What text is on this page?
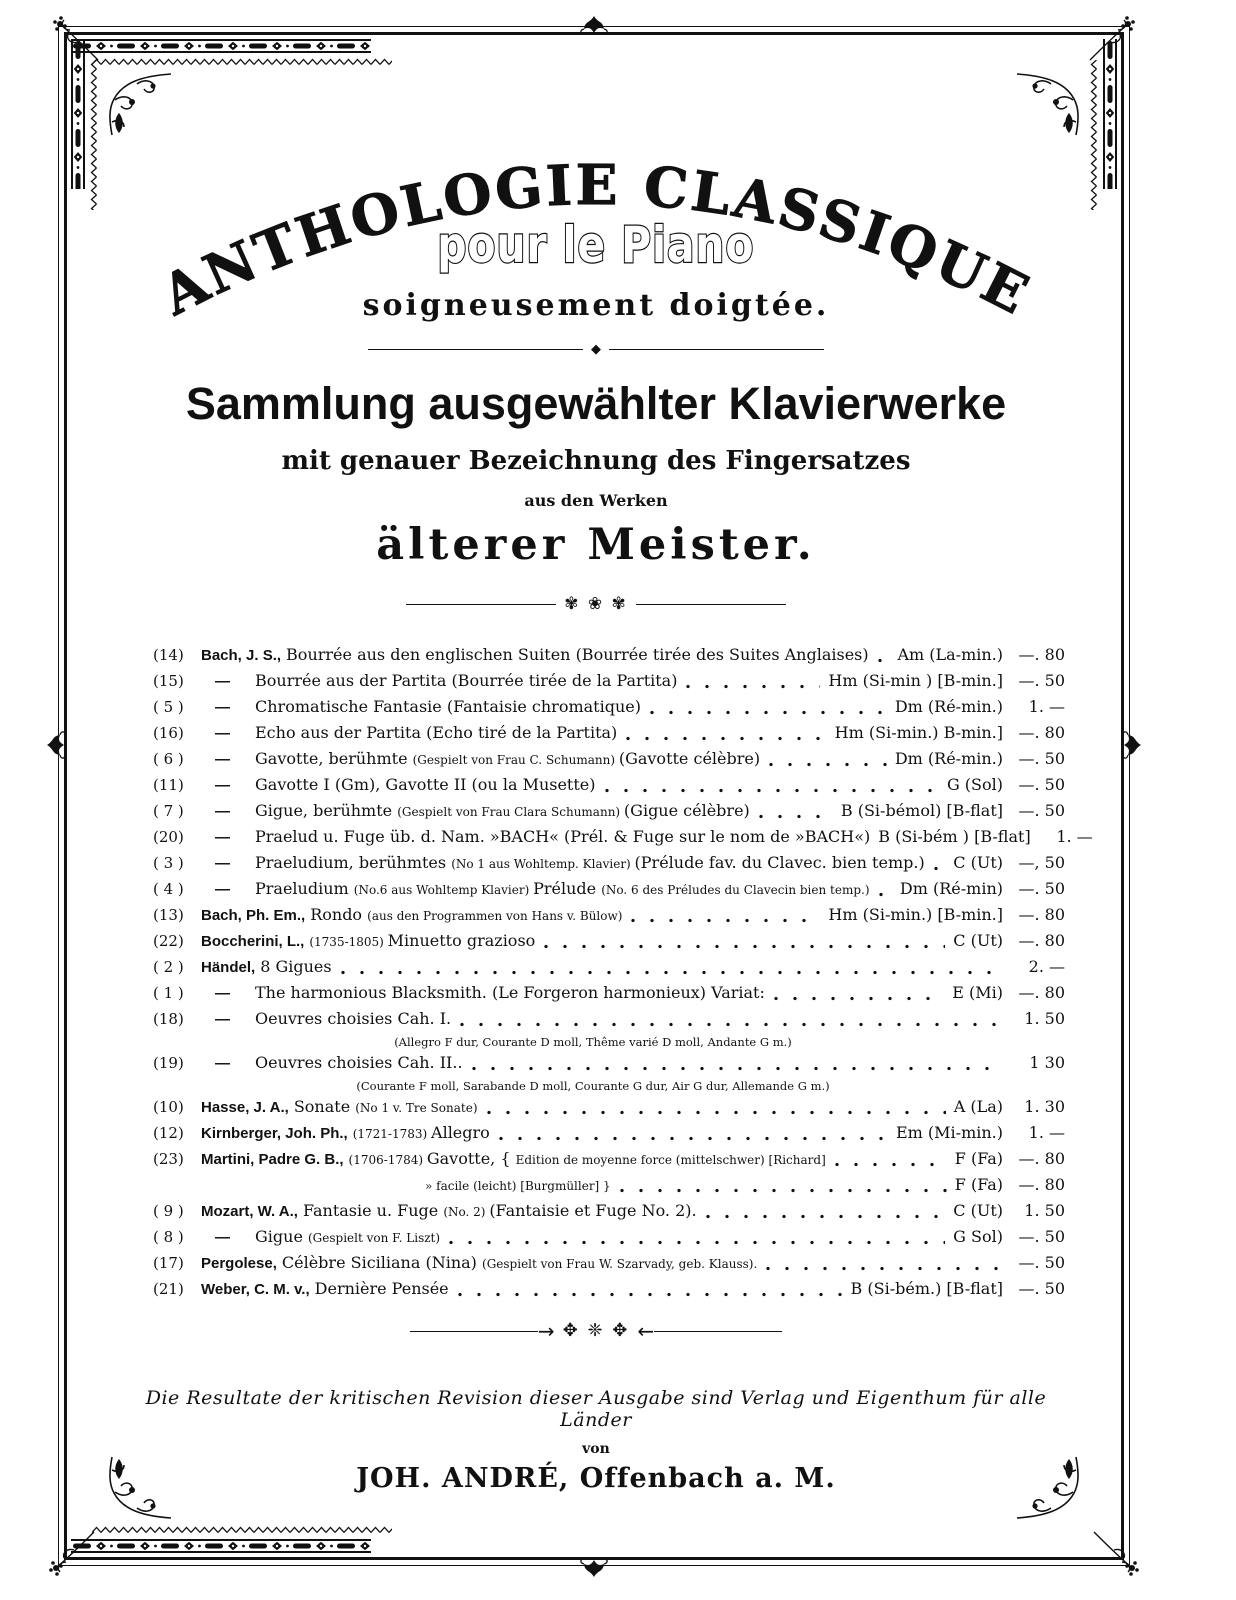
ANTHOLOGIE CLASSIQUE
pour le Piano
soigneusement doigtée.
◆
Sammlung ausgewählter Klavierwerke
mit genauer Bezeichnung des Fingersatzes
aus den Werken
älterer Meister.
✾ ❀ ✾
(14)	Bach, J. S., Bourrée aus den englischen Suiten (Bourrée tirée des Suites Anglaises)	Am (La-min.) —. 80
(15)	—	Bourrée aus der Partita (Bourrée tirée de la Partita)	Hm (Si-min ) [B-min.] —. 50
( 5 )	—	Chromatische Fantasie (Fantaisie chromatique)	Dm (Ré-min.)	1. —
(16)	—	Echo aus der Partita (Echo tiré de la Partita)	Hm (Si-min.) B-min.] —. 80
( 6 )	—	Gavotte, berühmte (Gespielt von Frau C. Schumann) (Gavotte célèbre)	Dm (Ré-min.) —. 50
(11)	—	Gavotte I (Gm), Gavotte II (ou la Musette)	G (Sol) —. 50
( 7 )	—	Gigue, berühmte (Gespielt von Frau Clara Schumann) (Gigue célèbre)	B (Si-bémol) [B-flat] —. 50
(20)	—	Praelud u. Fuge üb. d. Nam. »BACH« (Prél. & Fuge sur le nom de »BACH«) B (Si-bém ) [B-flat]	1. —
( 3 )	—	Praeludium, berühmtes (No 1 aus Wohltemp. Klavier) (Prélude fav. du Clavec. bien temp.)	C (Ut) —, 50
( 4 )	—	Praeludium (No.6 aus Wohltemp Klavier) Prélude (No. 6 des Préludes du Clavecin bien temp.)	Dm (Ré-min) —. 50
(13)	Bach, Ph. Em., Rondo (aus den Programmen von Hans v. Bülow)	Hm (Si-min.) [B-min.] —. 80
(22)	Boccherini, L., (1735-1805) Minuetto grazioso	C (Ut) —. 80
( 2 )	Händel, 8 Gigues	2. —
( 1 )	—	The harmonious Blacksmith. (Le Forgeron harmonieux) Variat:	E (Mi) —. 80
(18)	—	Oeuvres choisies Cah. I.	1. 50
(Allegro F dur, Courante D moll, Thême varié D moll, Andante G m.)
(19)	—	Oeuvres choisies Cah. II..	1 30
(Courante F moll, Sarabande D moll, Courante G dur, Air G dur, Allemande G m.)
(10)	Hasse, J. A., Sonate (No 1 v. Tre Sonate)	A (La)	1. 30
(12)	Kirnberger, Joh. Ph., (1721-1783) Allegro	Em (Mi-min.)	1. —
(23)	Martini, Padre G. B., (1706-1784) Gavotte, { Edition de moyenne force (mittelschwer) [Richard]	F (Fa) —. 80
» facile (leicht) [Burgmüller] }	F (Fa) —. 80
( 9 )	Mozart, W. A., Fantasie u. Fuge (No. 2) (Fantaisie et Fuge No. 2).	C (Ut)	1. 50
( 8 )	—	Gigue (Gespielt von F. Liszt)	G Sol) —. 50
(17)	Pergolese, Célèbre Siciliana (Nina) (Gespielt von Frau W. Szarvady, geb. Klauss).	—. 50
(21)	Weber, C. M. v., Dernière Pensée	B (Si-bém.) [B-flat] —. 50
→ ✥ ❈ ✥ ←
Die Resultate der kritischen Revision dieser Ausgabe sind Verlag und Eigenthum für alle Länder
von
JOH. ANDRÉ, Offenbach a. M.
